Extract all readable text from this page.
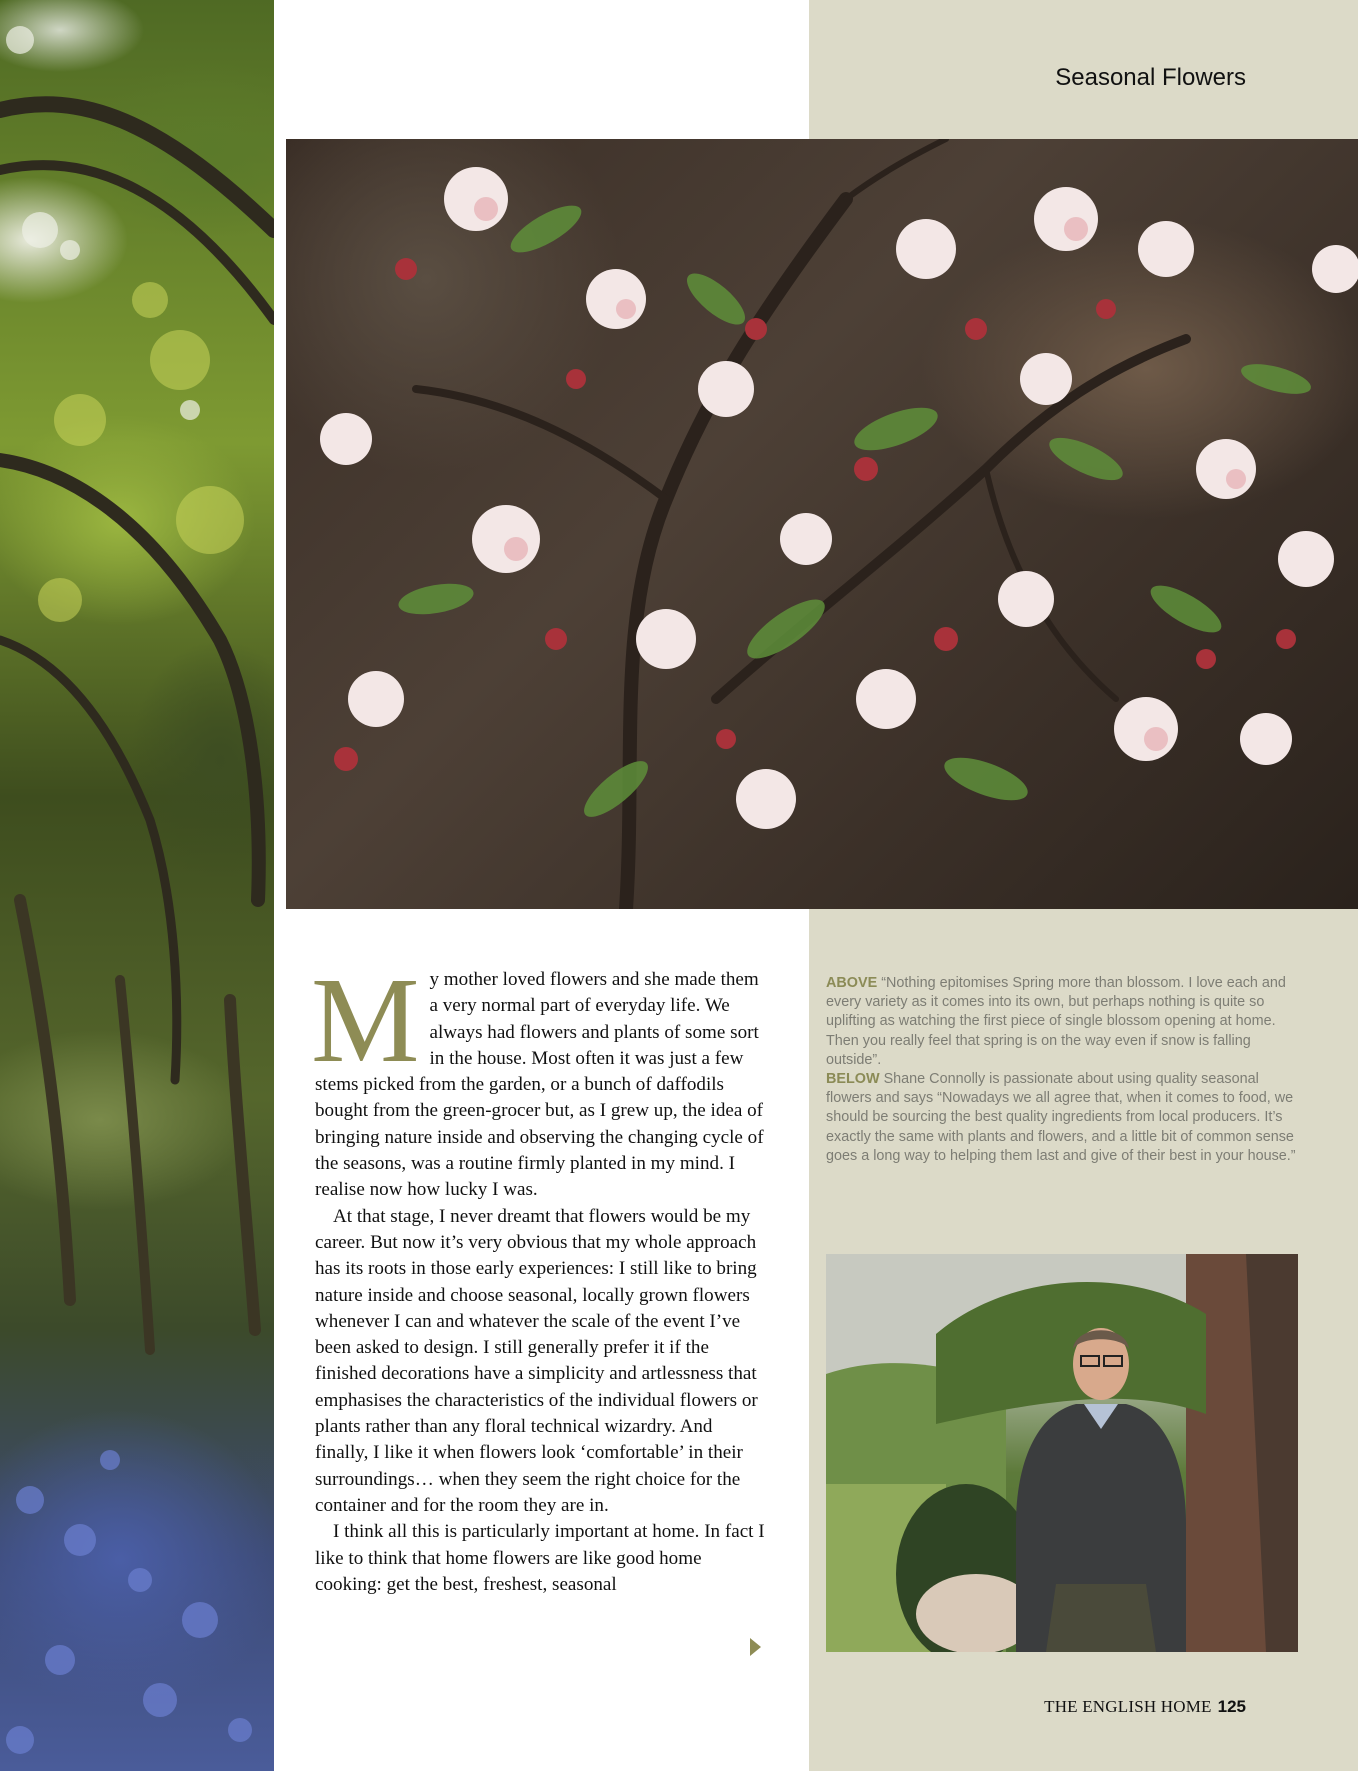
Seasonal Flowers

My mother loved flowers and she made them a very normal part of everyday life. We always had flowers and plants of some sort in the house. Most often it was just a few stems picked from the garden, or a bunch of daffodils bought from the green-grocer but, as I grew up, the idea of bringing nature inside and observing the changing cycle of the seasons, was a routine firmly planted in my mind. I realise now how lucky I was.

At that stage, I never dreamt that flowers would be my career. But now it’s very obvious that my whole approach has its roots in those early experiences: I still like to bring nature inside and choose seasonal, locally grown flowers whenever I can and whatever the scale of the event I’ve been asked to design. I still generally prefer it if the finished decorations have a simplicity and artlessness that emphasises the characteristics of the individual flowers or plants rather than any floral technical wizardry. And finally, I like it when flowers look ‘comfortable’ in their surroundings… when they seem the right choice for the container and for the room they are in.

I think all this is particularly important at home. In fact I like to think that home flowers are like good home cooking: get the best, freshest, seasonal

ABOVE “Nothing epitomises Spring more than blossom. I love each and every variety as it comes into its own, but perhaps nothing is quite so uplifting as watching the first piece of single blossom opening at home. Then you really feel that spring is on the way even if snow is falling outside”.

BELOW Shane Connolly is passionate about using quality seasonal flowers and says “Nowadays we all agree that, when it comes to food, we should be sourcing the best quality ingredients from local producers. It’s exactly the same with plants and flowers, and a little bit of common sense goes a long way to helping them last and give of their best in your house.”

THE ENGLISH HOME 125
